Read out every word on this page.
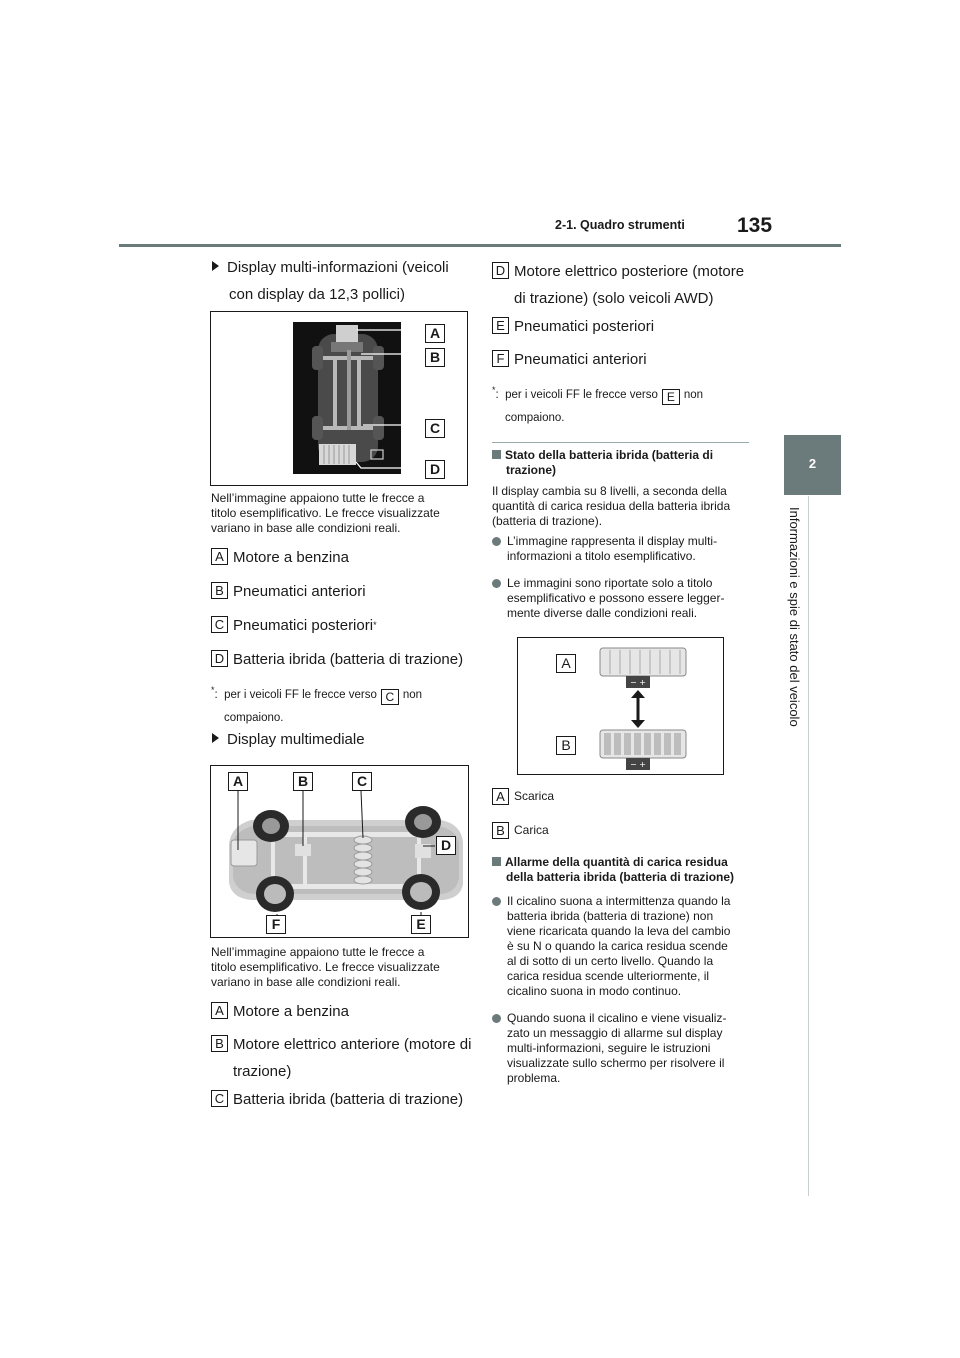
2-1. Quadro strumenti 135
2
Informazioni e spie di stato del veicolo
Display multi-informazioni (veicoli
con display da 12,3 pollici)
A
B
C
D
Nell’immagine appaiono tutte le frecce a
titolo esemplificativo. Le frecce visualizzate
variano in base alle condizioni reali.
A Motore a benzina
B Pneumatici anteriori
C Pneumatici posteriori *
D Batteria ibrida (batteria di trazione)
*: per i veicoli FF le frecce verso C non
compaiono.
Display multimediale
A	B	C
D
E
F
Nell’immagine appaiono tutte le frecce a
titolo esemplificativo. Le frecce visualizzate
variano in base alle condizioni reali.
A Motore a benzina
B Motore elettrico anteriore (motore di
trazione)
C Batteria ibrida (batteria di trazione)
D Motore elettrico posteriore (motore
di trazione) (solo veicoli AWD)
E Pneumatici posteriori
F Pneumatici anteriori
*: per i veicoli FF le frecce verso E non
compaiono.
Stato della batteria ibrida (batteria di
trazione)
Il display cambia su 8 livelli, a seconda della
quantità di carica residua della batteria ibrida
(batteria di trazione).
L’immagine rappresenta il display multi-
informazioni a titolo esemplificativo.
Le immagini sono riportate solo a titolo
esemplificativo e possono essere legger-
mente diverse dalle condizioni reali.
− +
− +
A
B
A Scarica
B Carica
Allarme della quantità di carica residua
della batteria ibrida (batteria di trazione)
Il cicalino suona a intermittenza quando la
batteria ibrida (batteria di trazione) non
viene ricaricata quando la leva del cambio
è su N o quando la carica residua scende
al di sotto di un certo livello. Quando la
carica residua scende ulteriormente, il
cicalino suona in modo continuo.
Quando suona il cicalino e viene visualiz-
zato un messaggio di allarme sul display
multi-informazioni, seguire le istruzioni
visualizzate sullo schermo per risolvere il
problema.
